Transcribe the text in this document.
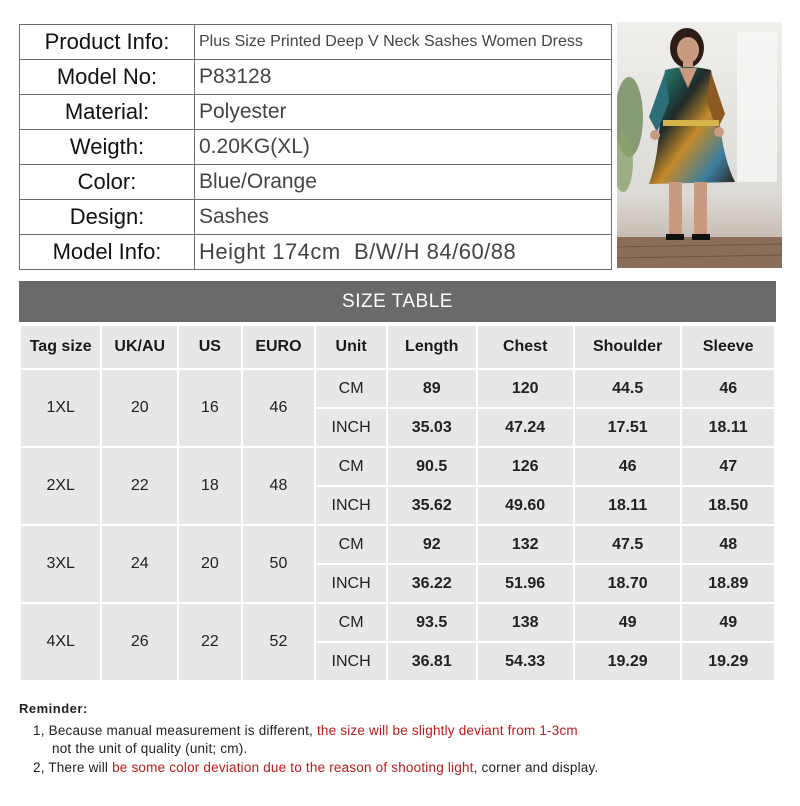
Product Info:	Plus Size Printed Deep V Neck Sashes Women Dress
Model No:	P83128
Material:	Polyester
Weigth:	0.20KG(XL)
Color:	Blue/Orange
Design:	Sashes
Model Info:	Height 174cm  B/W/H 84/60/88
SIZE TABLE
Tag size	UK/AU	US	EURO	Unit	Length	Chest	Shoulder	Sleeve
1XL	20	16	46	CM	89	120	44.5	46
				INCH	35.03	47.24	17.51	18.11
2XL	22	18	48	CM	90.5	126	46	47
				INCH	35.62	49.60	18.11	18.50
3XL	24	20	50	CM	92	132	47.5	48
				INCH	36.22	51.96	18.70	18.89
4XL	26	22	52	CM	93.5	138	49	49
				INCH	36.81	54.33	19.29	19.29
Reminder:
1, Because manual measurement is different, the size will be slightly deviant from 1-3cm
not the unit of quality (unit; cm).
2, There will be some color deviation due to the reason of shooting light, corner and display.
